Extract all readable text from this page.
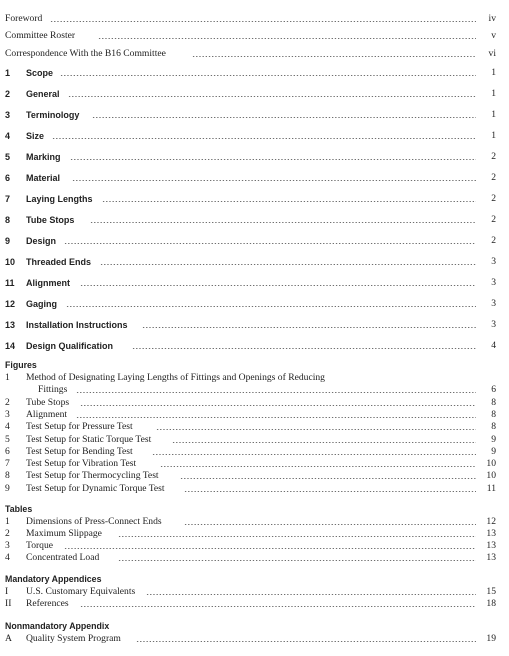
Foreword	iv
Committee Roster	v
Correspondence With the B16 Committee	vi
1	Scope	1
2	General	1
3	Terminology	1
4	Size	1
5	Marking	2
6	Material	2
7	Laying Lengths	2
8	Tube Stops	2
9	Design	2
10	Threaded Ends	3
11	Alignment	3
12	Gaging	3
13	Installation Instructions	3
14	Design Qualification	4
Figures
1	Method of Designating Laying Lengths of Fittings and Openings of Reducing
Fittings	6
2	Tube Stops	8
3	Alignment	8
4	Test Setup for Pressure Test	8
5	Test Setup for Static Torque Test	9
6	Test Setup for Bending Test	9
7	Test Setup for Vibration Test	10
8	Test Setup for Thermocycling Test	10
9	Test Setup for Dynamic Torque Test	11
Tables
1	Dimensions of Press-Connect Ends	12
2	Maximum Slippage	13
3	Torque	13
4	Concentrated Load	13
Mandatory Appendices
I	U.S. Customary Equivalents	15
II	References	18
Nonmandatory Appendix
A	Quality System Program	19
